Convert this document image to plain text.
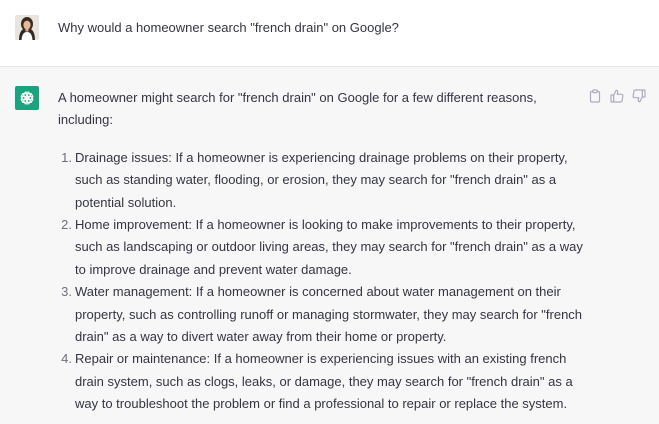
Why would a homeowner search "french drain" on Google?

A homeowner might search for "french drain" on Google for a few different reasons, including:

1. Drainage issues: If a homeowner is experiencing drainage problems on their property, such as standing water, flooding, or erosion, they may search for "french drain" as a potential solution.
2. Home improvement: If a homeowner is looking to make improvements to their property, such as landscaping or outdoor living areas, they may search for "french drain" as a way to improve drainage and prevent water damage.
3. Water management: If a homeowner is concerned about water management on their property, such as controlling runoff or managing stormwater, they may search for "french drain" as a way to divert water away from their home or property.
4. Repair or maintenance: If a homeowner is experiencing issues with an existing french drain system, such as clogs, leaks, or damage, they may search for "french drain" as a way to troubleshoot the problem or find a professional to repair or replace the system.
